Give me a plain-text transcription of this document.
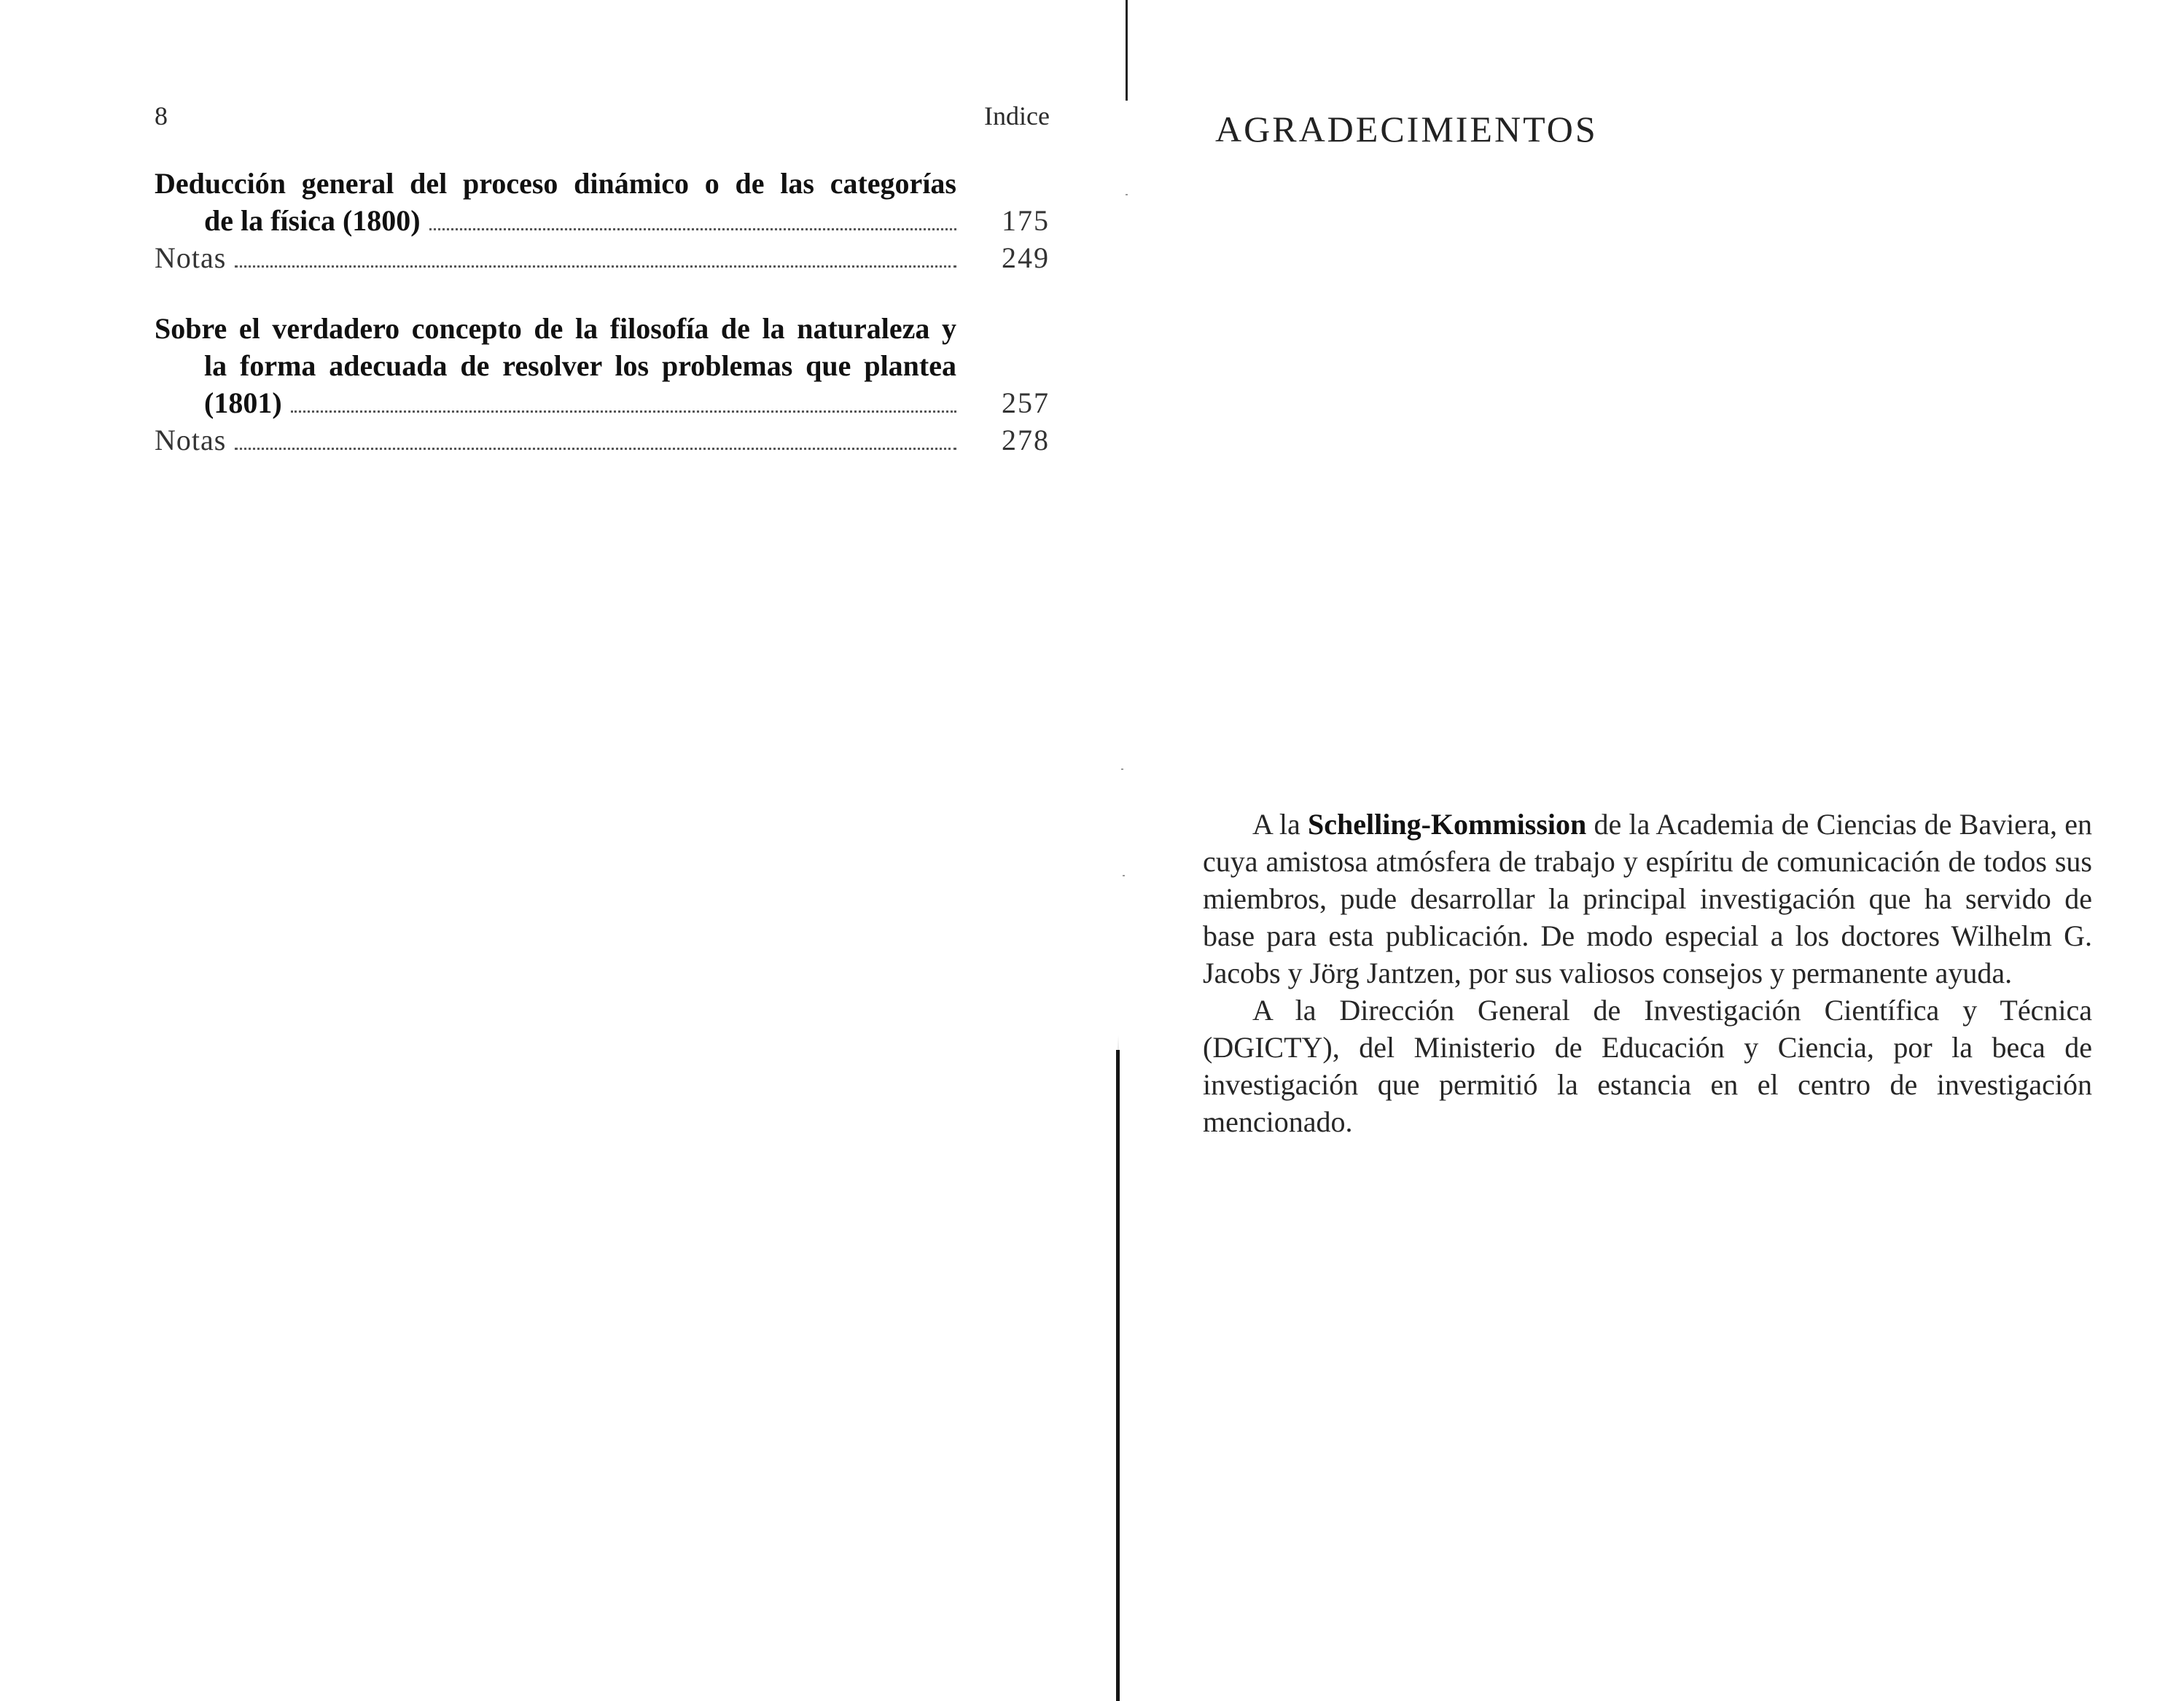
8	Indice
Deducción general del proceso dinámico o de las categorías
de la física (1800)	175
Notas	249
Sobre el verdadero concepto de la filosofía de la naturaleza y
la forma adecuada de resolver los problemas que plantea
(1801)	257
Notas	278
AGRADECIMIENTOS

A la Schelling-Kommission de la Academia de Ciencias de Baviera, en cuya amistosa atmósfera de trabajo y espíritu de comunicación de todos sus miembros, pude desarrollar la principal investigación que ha servido de base para esta publicación. De modo especial a los doctores Wilhelm G. Jacobs y Jörg Jantzen, por sus valiosos consejos y permanente ayuda.

A la Dirección General de Investigación Científica y Técnica (DGICTY), del Ministerio de Educación y Ciencia, por la beca de investigación que permitió la estancia en el centro de investigación mencionado.
